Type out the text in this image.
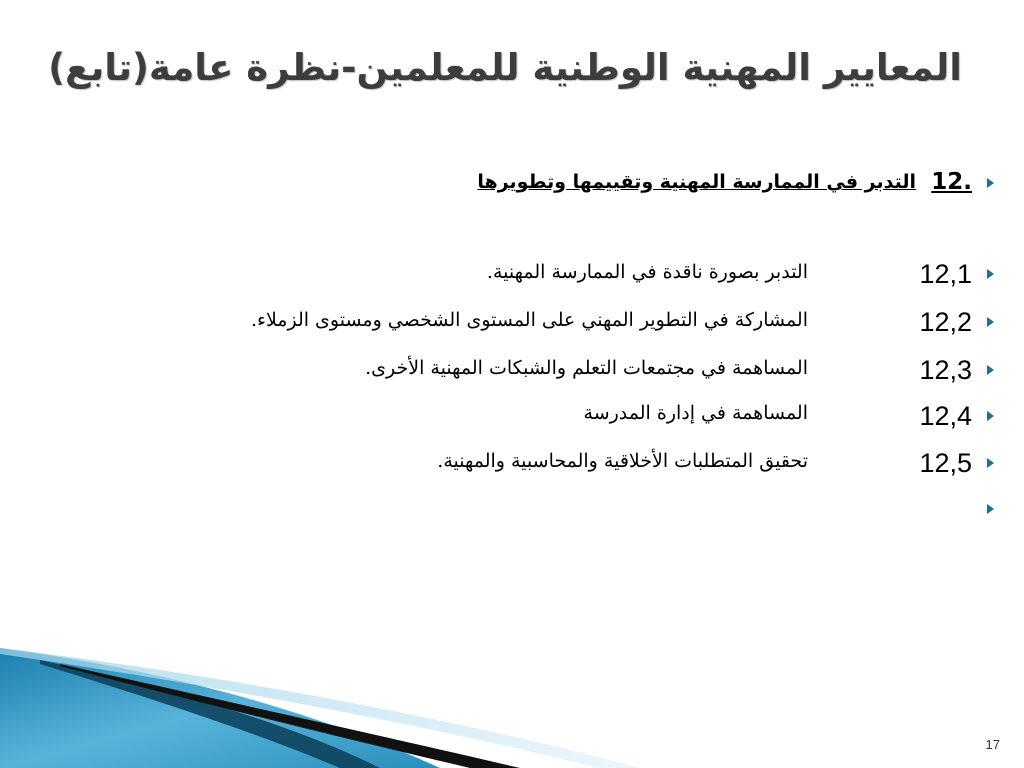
المعايير المهنية الوطنية للمعلمين-نظرة عامة(تابع)
12.
التدبر في الممارسة المهنية وتقييمها وتطويرها
12,1
التدبر بصورة ناقدة في الممارسة المهنية.
12,2
المشاركة في التطوير المهني على المستوى الشخصي ومستوى الزملاء.
12,3
المساهمة في مجتمعات التعلم والشبكات المهنية الأخرى.
12,4
المساهمة في إدارة المدرسة
12,5
تحقيق المتطلبات الأخلاقية والمحاسبية والمهنية.
17
